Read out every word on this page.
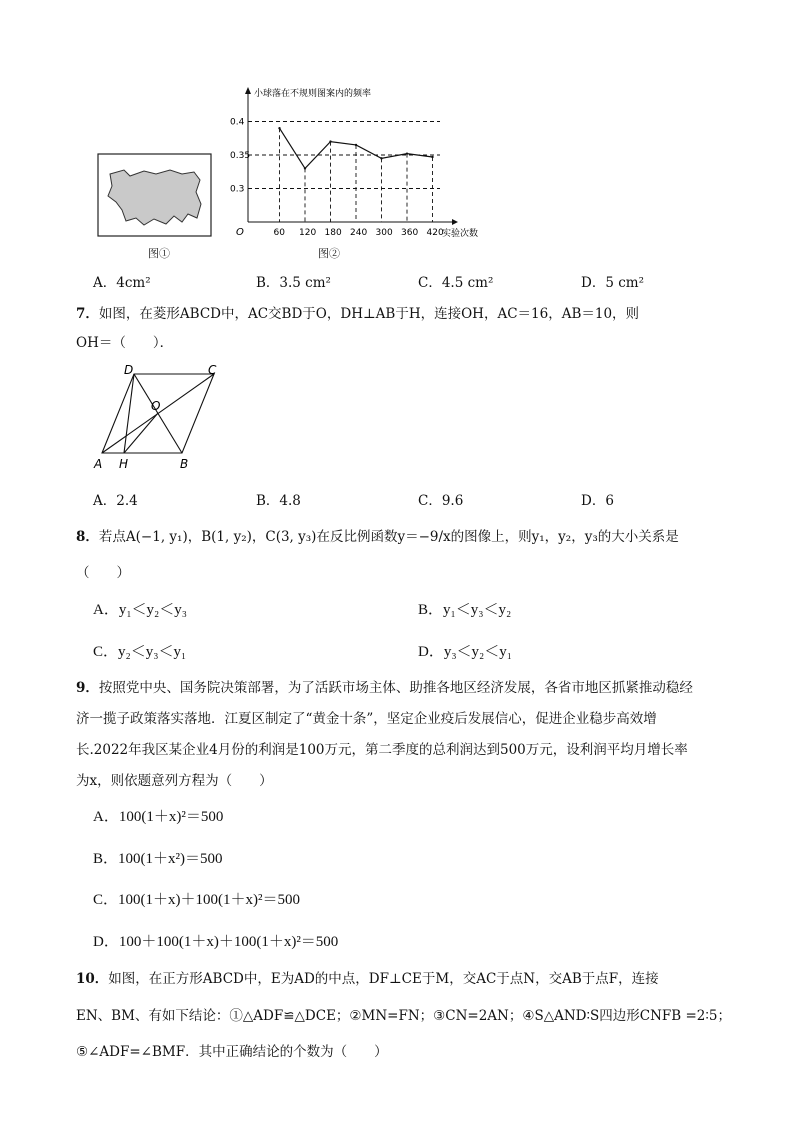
图①
小球落在不规则图案内的频率
实验次数
O
0.3
0.35
0.4
60 120 180 240 300 360 420
图②
A．4cm²	B．3.5 cm²	C．4.5 cm²	D．5 cm²
7．如图，在菱形ABCD中，AC交BD于O，DH⊥AB于H，连接OH，AC＝16，AB＝10，则
OH＝（　　）．
D	C
O
A H	B
A．2.4	B．4.8	C．9.6	D．6
8．若点A(−1, y₁)，B(1, y₂)，C(3, y₃)在反比例函数y＝−9/x的图像上，则y₁，y₂，y₃的大小关系是
（　　）
A．y₁＜y₂＜y₃	B．y₁＜y₃＜y₂
C．y₂＜y₃＜y₁	D．y₃＜y₂＜y₁
9．按照党中央、国务院决策部署，为了活跃市场主体、助推各地区经济发展，各省市地区抓紧推动稳经
济一揽子政策落实落地．江夏区制定了“黄金十条”，坚定企业疫后发展信心，促进企业稳步高效增
长.2022年我区某企业4月份的利润是100万元，第二季度的总利润达到500万元，设利润平均月增长率
为x，则依题意列方程为（　　）
A．100(1＋x)²＝500
B．100(1＋x²)＝500
C．100(1＋x)＋100(1＋x)²＝500
D．100＋100(1＋x)＋100(1＋x)²＝500
10．如图，在正方形ABCD中，E为AD的中点，DF⊥CE于M，交AC于点N，交AB于点F，连接
EN、BM、有如下结论：①△ADF≌△DCE；②MN=FN；③CN=2AN；④S△AND∶S四边形CNFB =2∶5；
⑤∠ADF=∠BMF．其中正确结论的个数为（　　）
